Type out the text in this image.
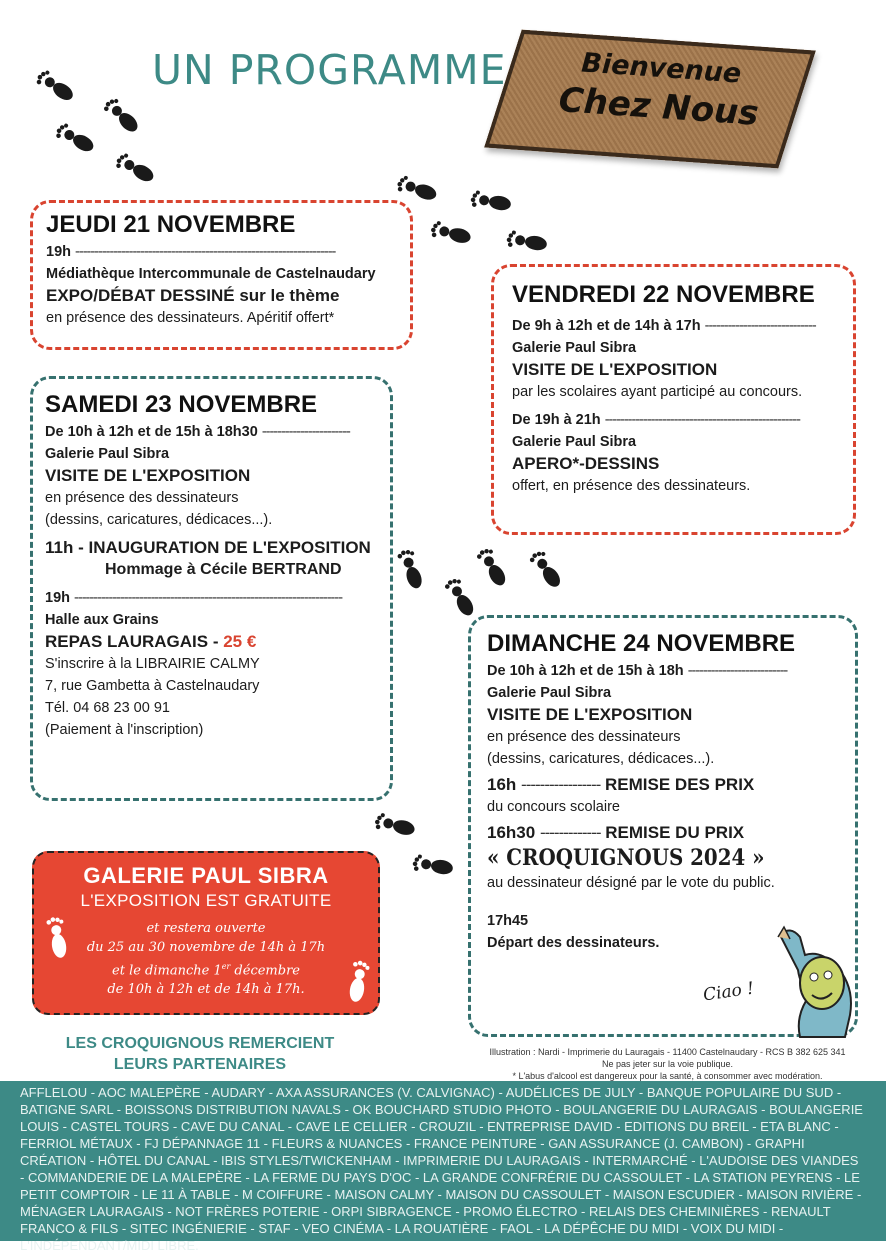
UN PROGRAMME	Bienvenue
Chez Nous
JEUDI 21 NOVEMBRE
19h --------------------------------------------------------------------
Médiathèque Intercommunale de Castelnaudary
EXPO/DÉBAT DESSINÉ sur le thème
en présence des dessinateurs. Apéritif offert*
VENDREDI 22 NOVEMBRE
De 9h à 12h et de 14h à 17h -----------------------------
Galerie Paul Sibra
VISITE DE L'EXPOSITION
par les scolaires ayant participé au concours.
De 19h à 21h ---------------------------------------------------
Galerie Paul Sibra
APERO*-DESSINS
offert, en présence des dessinateurs.
SAMEDI 23 NOVEMBRE
De 10h à 12h et de 15h à 18h30 -----------------------
Galerie Paul Sibra
VISITE DE L'EXPOSITION
en présence des dessinateurs
(dessins, caricatures, dédicaces...).
11h - INAUGURATION DE L'EXPOSITION
Hommage à Cécile BERTRAND
19h ----------------------------------------------------------------------
Halle aux Grains
REPAS LAURAGAIS - 25 €
S'inscrire à la LIBRAIRIE CALMY
7, rue Gambetta à Castelnaudary
Tél. 04 68 23 00 91
(Paiement à l'inscription)
DIMANCHE 24 NOVEMBRE
De 10h à 12h et de 15h à 18h --------------------------
Galerie Paul Sibra
VISITE DE L'EXPOSITION
en présence des dessinateurs
(dessins, caricatures, dédicaces...).
16h ----------------- REMISE DES PRIX
du concours scolaire
16h30 ------------- REMISE DU PRIX
« CROQUIGNOUS 2024 »
au dessinateur désigné par le vote du public.
17h45
Départ des dessinateurs.
Ciao !
GALERIE PAUL SIBRA
L'EXPOSITION EST GRATUITE
et restera ouverte
du 25 au 30 novembre de 14h à 17h
et le dimanche 1er décembre
de 10h à 12h et de 14h à 17h.
LES CROQUIGNOUS REMERCIENT
LEURS PARTENAIRES
Illustration : Nardi - Imprimerie du Lauragais - 11400 Castelnaudary - RCS B 382 625 341
Ne pas jeter sur la voie publique.
* L'abus d'alcool est dangereux pour la santé, à consommer avec modération.
AFFLELOU - AOC MALEPÈRE - AUDARY - AXA ASSURANCES (V. CALVIGNAC) - AUDÉLICES DE JULY - BANQUE POPULAIRE DU SUD - BATIGNE SARL - BOISSONS DISTRIBUTION NAVALS - OK BOUCHARD STUDIO PHOTO - BOULANGERIE DU LAURAGAIS - BOULANGERIE LOUIS - CASTEL TOURS - CAVE DU CANAL - CAVE LE CELLIER - CROUZIL - ENTREPRISE DAVID - EDITIONS DU BREIL - ETA BLANC - FERRIOL MÉTAUX - FJ DÉPANNAGE 11 - FLEURS & NUANCES - FRANCE PEINTURE - GAN ASSURANCE (J. CAMBON) - GRAPHI CRÉATION - HÔTEL DU CANAL - IBIS STYLES/TWICKENHAM - IMPRIMERIE DU LAURAGAIS - INTERMARCHÉ - L'AUDOISE DES VIANDES - COMMANDERIE DE LA MALEPÈRE - LA FERME DU PAYS D'OC - LA GRANDE CONFRÉRIE DU CASSOULET - LA STATION PEYRENS - LE PETIT COMPTOIR - LE 11 À TABLE - M COIFFURE - MAISON CALMY - MAISON DU CASSOULET - MAISON ESCUDIER - MAISON RIVIÈRE - MÉNAGER LAURAGAIS - NOT FRÈRES POTERIE - ORPI SIBRAGENCE - PROMO ÉLECTRO - RELAIS DES CHEMINIÈRES - RENAULT FRANCO & FILS - SITEC INGÉNIERIE - STAF - VEO CINÉMA - LA ROUATIÈRE - FAOL - LA DÉPÊCHE DU MIDI - VOIX DU MIDI - L'INDÉPENDANT/MIDI LIBRE.
